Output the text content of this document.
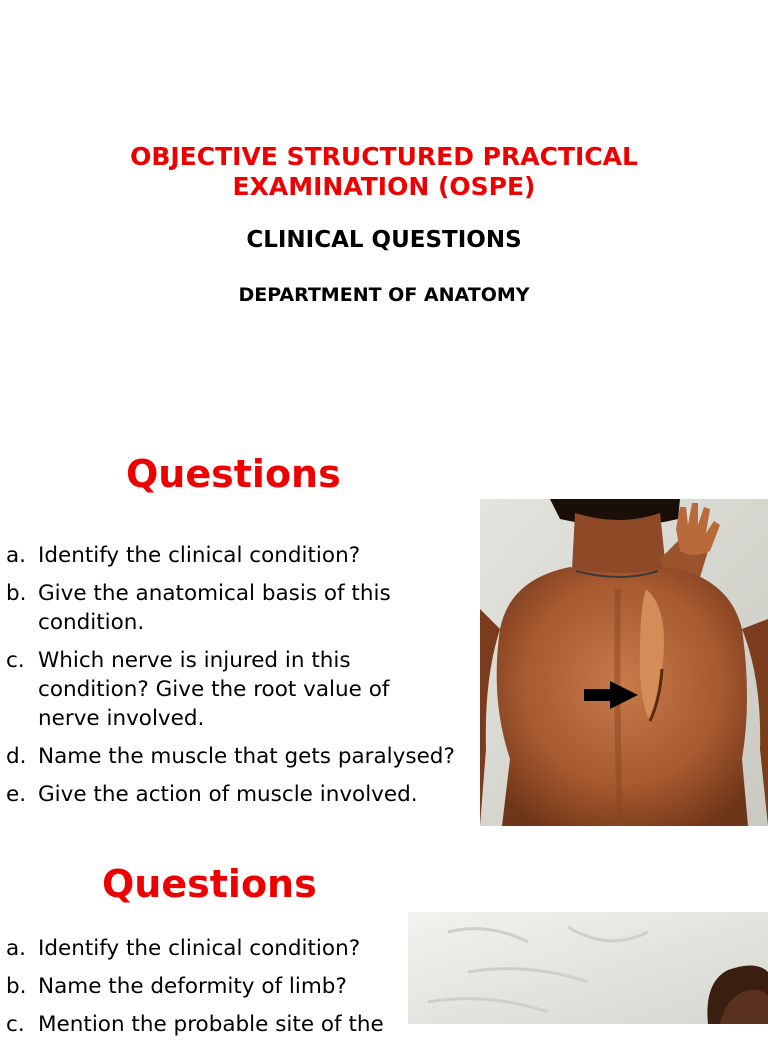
OBJECTIVE STRUCTURED PRACTICAL
EXAMINATION (OSPE)
CLINICAL QUESTIONS
DEPARTMENT OF ANATOMY
Questions
a. Identify the clinical condition?
b. Give the anatomical basis of this condition.
c. Which nerve is injured in this condition? Give the root value of nerve involved.
d. Name the muscle that gets paralysed?
e. Give the action of muscle involved.
Questions
a. Identify the clinical condition?
b. Name the deformity of limb?
c. Mention the probable site of the
